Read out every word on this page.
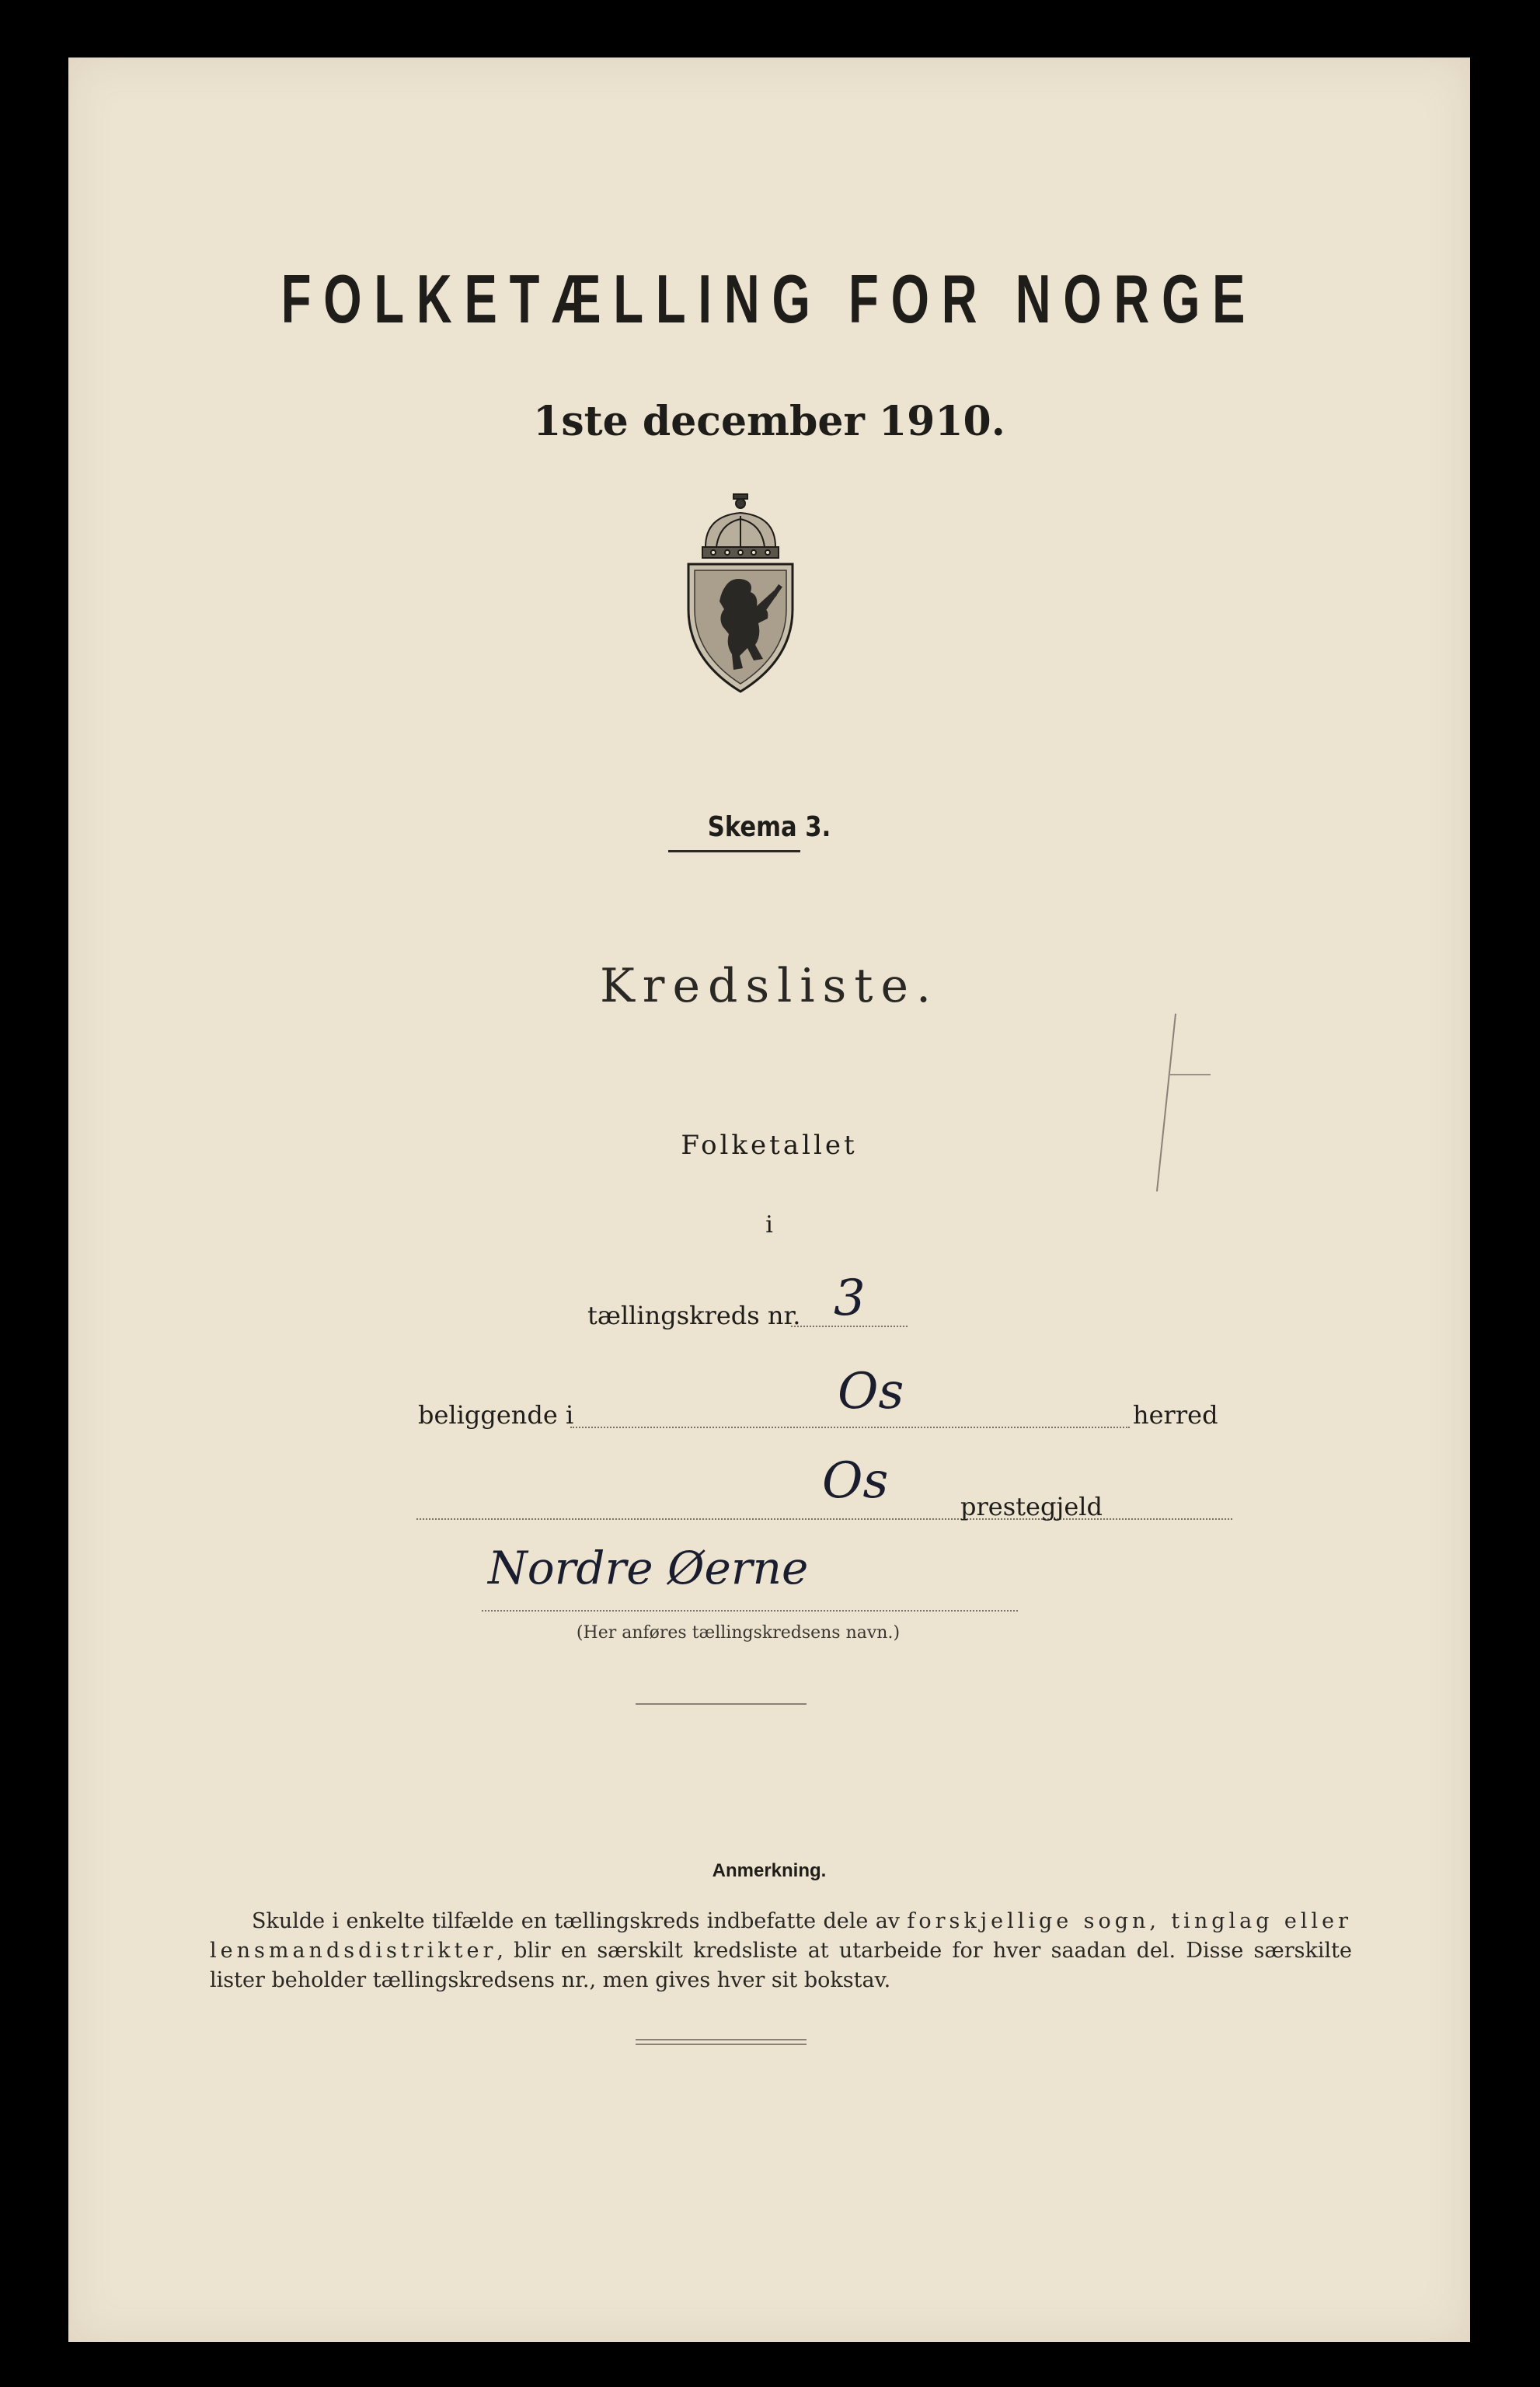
FOLKETÆLLING FOR NORGE
1ste december 1910.
Skema 3.
Kredsliste.
Folketallet
i
tællingskreds nr. 3
beliggende i	Os	herred
Os	prestegjeld
Nordre Øerne
(Her anføres tællingskredsens navn.)
Anmerkning.
  Skulde i enkelte tilfælde en tællingskreds indbefatte dele av forskjellige sogn, tinglag eller lensmandsdistrikter, blir en særskilt kredsliste at utarbeide for hver saadan del. Disse særskilte lister beholder tællingskredsens nr., men gives hver sit bokstav.
